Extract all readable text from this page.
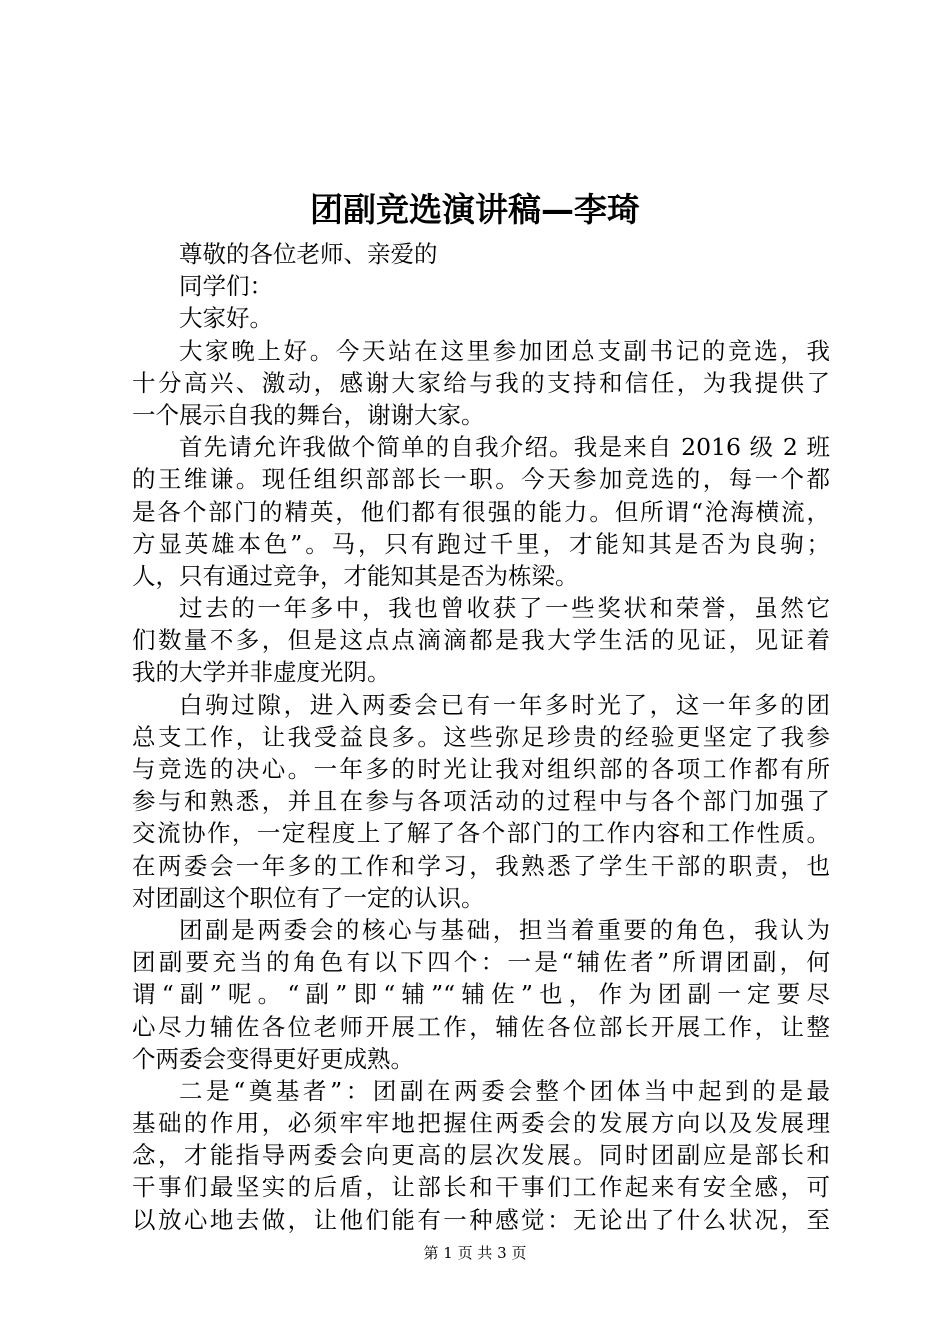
团副竞选演讲稿—李琦
尊敬的各位老师、亲爱的
同学们：
大家好。
大家晚上好。今天站在这里参加团总支副书记的竞选，我
十分高兴、激动，感谢大家给与我的支持和信任，为我提供了
一个展示自我的舞台，谢谢大家。
首先请允许我做个简单的自我介绍。我是来自 2016 级 2 班
的王维谦。现任组织部部长一职。今天参加竞选的，每一个都
是各个部门的精英，他们都有很强的能力。但所谓“沧海横流，
方显英雄本色”。马，只有跑过千里，才能知其是否为良驹；
人，只有通过竞争，才能知其是否为栋梁。
过去的一年多中，我也曾收获了一些奖状和荣誉，虽然它
们数量不多，但是这点点滴滴都是我大学生活的见证，见证着
我的大学并非虚度光阴。
白驹过隙，进入两委会已有一年多时光了，这一年多的团
总支工作，让我受益良多。这些弥足珍贵的经验更坚定了我参
与竞选的决心。一年多的时光让我对组织部的各项工作都有所
参与和熟悉，并且在参与各项活动的过程中与各个部门加强了
交流协作，一定程度上了解了各个部门的工作内容和工作性质。
在两委会一年多的工作和学习，我熟悉了学生干部的职责，也
对团副这个职位有了一定的认识。
团副是两委会的核心与基础，担当着重要的角色，我认为
团副要充当的角色有以下四个：一是“辅佐者”所谓团副，何
谓“副”呢。“副”即“辅”“辅佐”也，作为团副一定要尽
心尽力辅佐各位老师开展工作，辅佐各位部长开展工作，让整
个两委会变得更好更成熟。
二是“奠基者”：团副在两委会整个团体当中起到的是最
基础的作用，必须牢牢地把握住两委会的发展方向以及发展理
念，才能指导两委会向更高的层次发展。同时团副应是部长和
干事们最坚实的后盾，让部长和干事们工作起来有安全感，可
以放心地去做，让他们能有一种感觉：无论出了什么状况，至
第 1 页 共 3 页
